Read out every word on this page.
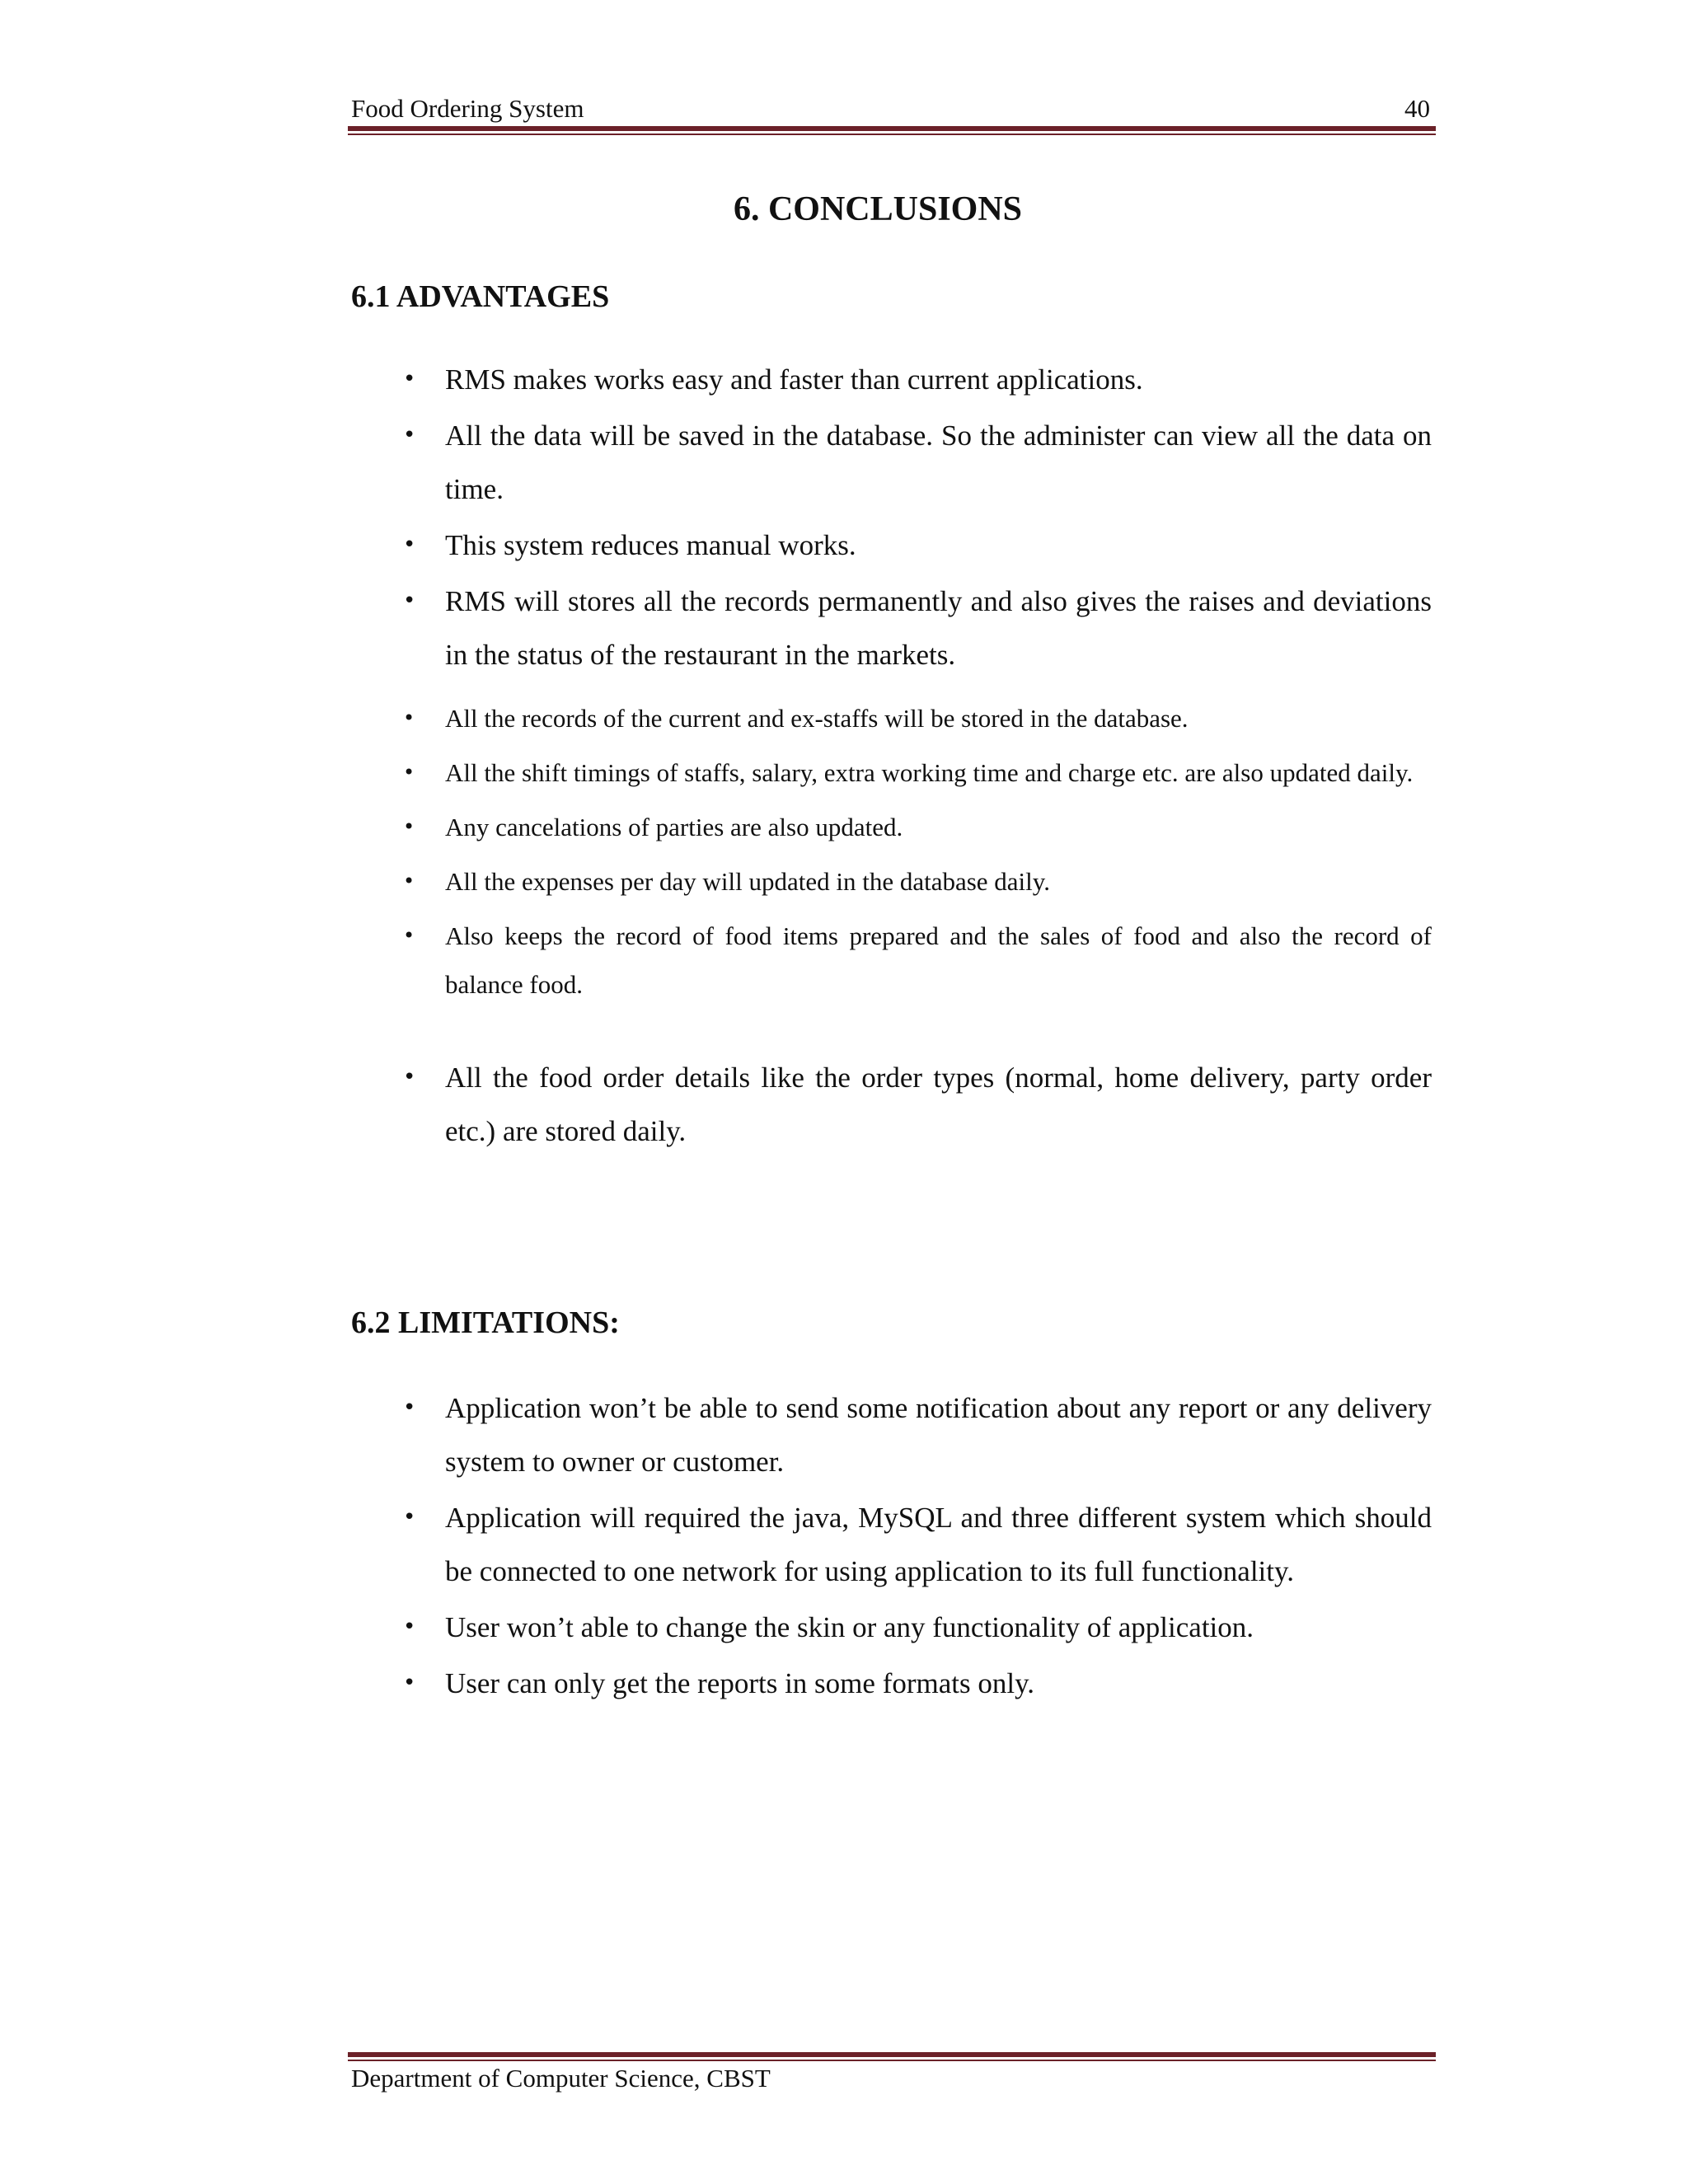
Food Ordering System	40
6. CONCLUSIONS
6.1 ADVANTAGES
• RMS makes works easy and faster than current applications.
• All the data will be saved in the database. So the administer can view all the data on time.
• This system reduces manual works.
• RMS will stores all the records permanently and also gives the raises and deviations in the status of the restaurant in the markets.
• All the records of the current and ex-staffs will be stored in the database.
• All the shift timings of staffs, salary, extra working time and charge etc. are also updated daily.
• Any cancelations of parties are also updated.
• All the expenses per day will updated in the database daily.
• Also keeps the record of food items prepared and the sales of food and also the record of balance food.
• All the food order details like the order types (normal, home delivery, party order etc.) are stored daily.
6.2 LIMITATIONS:
• Application won’t be able to send some notification about any report or any delivery system to owner or customer.
• Application will required the java, MySQL and three different system which should be connected to one network for using application to its full functionality.
• User won’t able to change the skin or any functionality of application.
• User can only get the reports in some formats only.
Department of Computer Science, CBST
